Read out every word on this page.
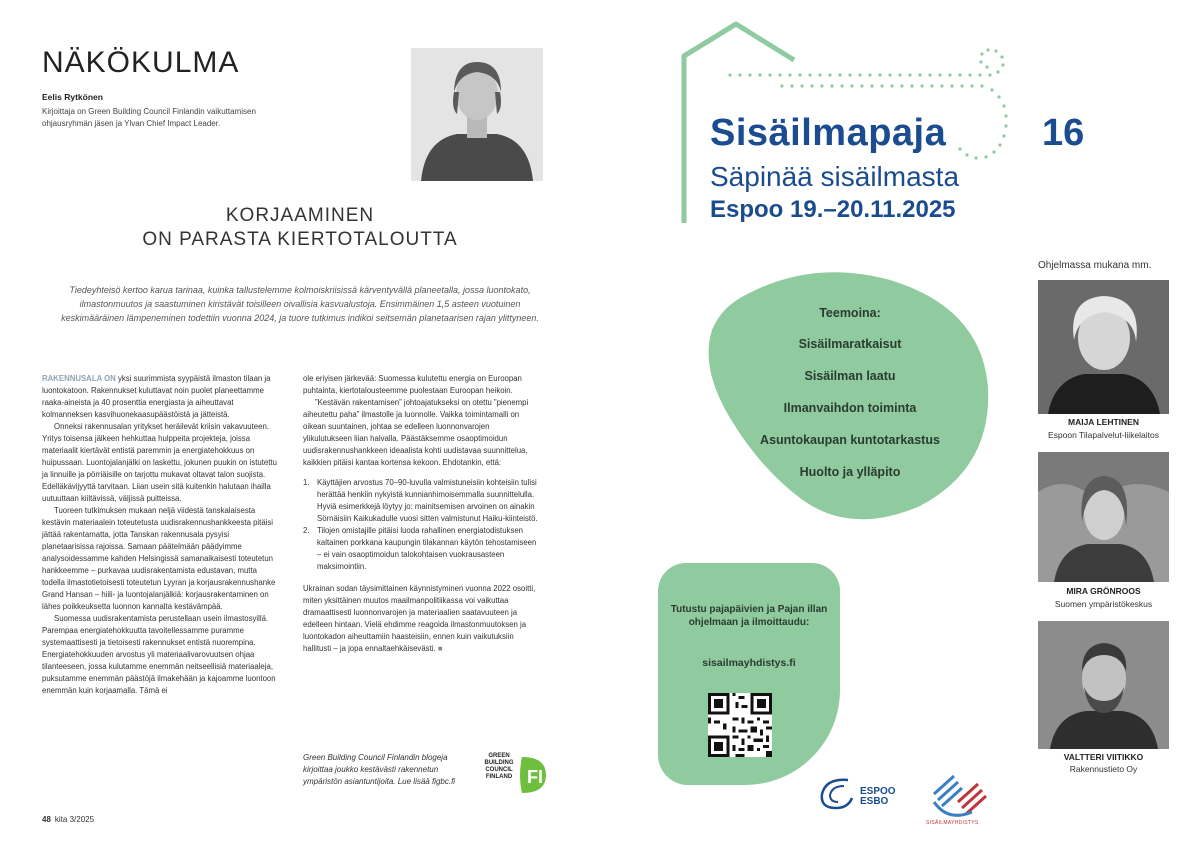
NÄKÖKULMA
Eelis Rytkönen
Kirjoittaja on Green Building Council Finlandin vaikuttamisen ohjausryhmän jäsen ja Ylvan Chief Impact Leader.
KORJAAMINEN
ON PARASTA KIERTOTALOUTTA
Tiedeyhteisö kertoo karua tarinaa, kuinka tallustelemme kolmoiskriisissä kärventyvällä planeetalla, jossa luontokato, ilmastonmuutos ja saastuminen kiristävät toisilleen oivallisia kasvualustoja. Ensimmäinen 1,5 asteen vuotuinen keskimääräinen lämpeneminen todettiin vuonna 2024, ja tuore tutkimus indikoi seitsemän planetaarisen rajan ylittyneen.

RAKENNUSALA ON yksi suurimmista syypäistä ilmaston tilaan ja luontokatoon. Rakennukset kuluttavat noin puolet planeettamme raaka-aineista ja 40 prosenttia energiasta ja aiheuttavat kolmanneksen kasvihuonekaasupäästöistä ja jätteistä.

Onneksi rakennusalan yritykset heräilevät kriisin vakavuuteen. Yritys toisensa jälkeen hehkuttaa hulppeita projekteja, joissa materiaalit kiertävät entistä paremmin ja energiatehokkuus on huipussaan. Luontojalanjälki on laskettu, jokunen puukin on istutettu ja linnuille ja pörriäisille on tarjottu mukavat oltavat talon suojista. Edelläkävijyyttä tarvitaan. Liian usein sitä kuitenkin halutaan ihailla uutuuttaan kiiltävissä, väljissä puitteissa.

Tuoreen tutkimuksen mukaan neljä viidestä tanskalaisesta kestävin materiaalein toteutetusta uudisrakennushankkeesta pitäisi jättää rakentamatta, jotta Tanskan rakennusala pysyisi planetaarisissa rajoissa. Samaan päätelmään päädyimme analysoidessamme kahden Helsingissä samanaikaisesti toteutetun hankkeemme – purkavaa uudisrakentamista edustavan, mutta todella ilmastotietoisesti toteutetun Lyyran ja korjausrakennushanke Grand Hansan – hiili- ja luontojalanjälkiä: korjausrakentaminen on lähes poikkeuksetta luonnon kannalta kestävämpää.

Suomessa uudisrakentamista perustellaan usein ilmastosyillä. Parempaa energiatehokkuutta tavoitellessamme puramme systemaattisesti ja tietoisesti rakennukset entistä nuorempina. Energiatehokkuuden arvostus yli materiaalivarovuutsen ohjaa tilanteeseen, jossa kulutamme enemmän neitseellisiä materiaaleja, puksutamme enemmän päästöjä ilmakehään ja kajoamme luontoon enemmän kuin korjaamalla. Tämä ei

ole eriyisen järkevää: Suomessa kulutettu energia on Euroopan puhtainta, kiertotalousteemme puolestaan Euroopan heikoin.

”Kestävän rakentamisen” johtoajatukseksi on otettu ”pienempi aiheutettu paha” ilmastolle ja luonnolle. Vaikka toimintamalli on oikean suuntainen, johtaa se edelleen luonnonvarojen ylikulutukseen liian halvalla. Päästäksemme osaoptimoidun uudisrakennushankkeen ideaalista kohti uudistavaa suunnittelua, kaikkien pitäisi kantaa kortensa kekoon. Ehdotankin, että:

1. Käyttäjien arvostus 70–90-luvulla valmistuneisiin kohteisiin tulisi herättää henkiin nykyistä kunnianhimoisemmalla suunnittelulla. Hyviä esimerkkejä löytyy jo: mainitsemisen arvoinen on ainakin Sörnäisiin Kaikukadulle vuosi sitten valmistunut Haiku-kiinteistö.
2. Tilojen omistajille pitäisi luoda rahallinen energiatodistuksen kaltainen porkkana kaupungin tilakannan käytön tehostamiseen – ei vain osaoptimoidun talokohtaisen vuokrausasteen maksimointiin.

Ukrainan sodan täysimittainen käynnistyminen vuonna 2022 osoitti, miten yksittäinen muutos maailmanpolitiikassa voi vaikuttaa dramaattisesti luonnonvarojen ja materiaalien saatavuuteen ja edelleen hintaan. Vielä ehdimme reagoida ilmastonmuutoksen ja luontokadon aiheuttamiin haasteisiin, ennen kuin vaikutuksiin hallitusti – ja jopa ennaltaehkäisevästi. ■

Green Building Council Finlandin blogeja kirjoittaa joukko kestävästi rakennetun ympäristön asiantuntijoita. Lue lisää figbc.fi
GREEN
BUILDING
COUNCIL
FINLAND FI
48 kita 3/2025
Sisäilmapaja	16
Säpinää sisäilmasta
Espoo 19.–20.11.2025
Teemoina:
Sisäilmaratkaisut
Sisäilman laatu
Ilmanvaihdon toiminta
Asuntokaupan kuntotarkastus
Huolto ja ylläpito
Tutustu pajapäivien ja Pajan illan ohjelmaan ja ilmoittaudu:
sisailmayhdistys.fi
ESPOO
ESBO
SISÄILMAYHDISTYS
Ohjelmassa mukana mm.
MAIJA LEHTINEN
Espoon Tilapalvelut-liikelaitos
MIRA GRÖNROOS
Suomen ympäristökeskus
VALTTERI VIITIKKO
Rakennustieto Oy
